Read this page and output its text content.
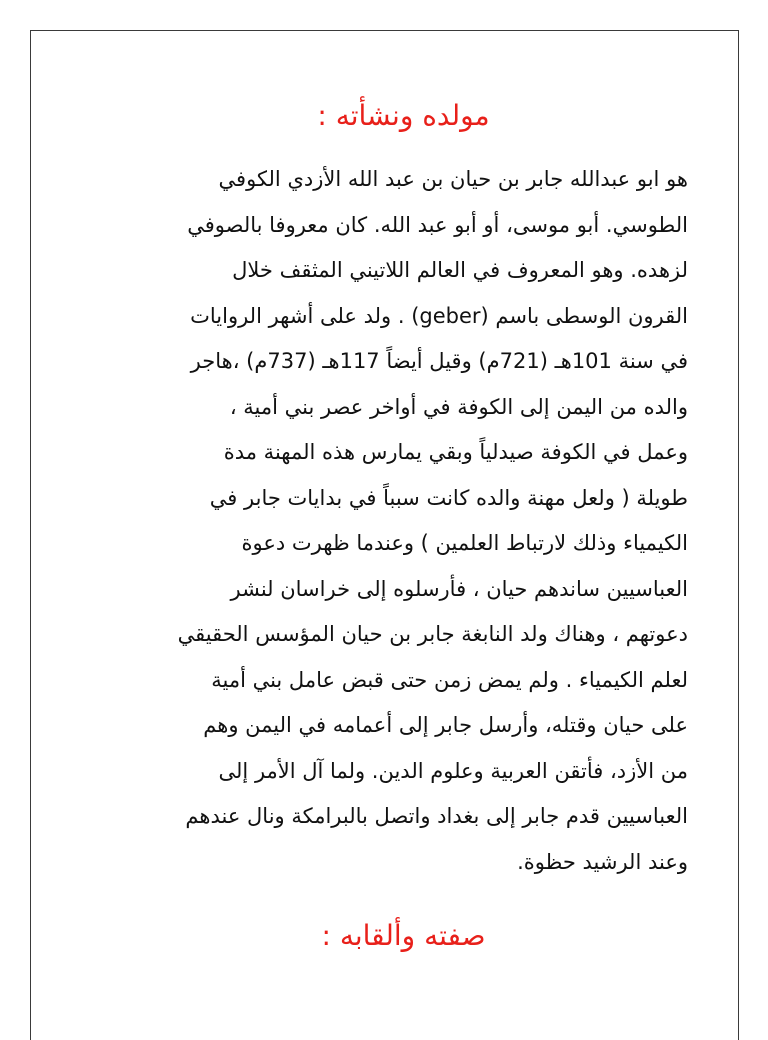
مولده ونشأته :

هو ابو عبدالله جابر بن حيان بن عبد الله الأزدي الكوفي
الطوسي. أبو موسى، أو أبو عبد الله. كان معروفا بالصوفي
لزهده. وهو المعروف في العالم اللاتيني المثقف خلال
القرون الوسطى باسم (geber) . ولد على أشهر الروايات
في سنة 101هـ (721م) وقيل أيضاً 117هـ (737م) ،هاجر
والده من اليمن إلى الكوفة في أواخر عصر بني أمية ،
وعمل في الكوفة صيدلياً وبقي يمارس هذه المهنة مدة
طويلة ( ولعل مهنة والده كانت سبباً في بدايات جابر في
الكيمياء وذلك لارتباط العلمين ) وعندما ظهرت دعوة
العباسيين ساندهم حيان ، فأرسلوه إلى خراسان لنشر
دعوتهم ، وهناك ولد النابغة جابر بن حيان المؤسس الحقيقي
لعلم الكيمياء . ولم يمض زمن حتى قبض عامل بني أمية
على حيان وقتله، وأرسل جابر إلى أعمامه في اليمن وهم
من الأزد، فأتقن العربية وعلوم الدين. ولما آل الأمر إلى
العباسيين قدم جابر إلى بغداد واتصل بالبرامكة ونال عندهم
وعند الرشيد حظوة.

صفته وألقابه :
